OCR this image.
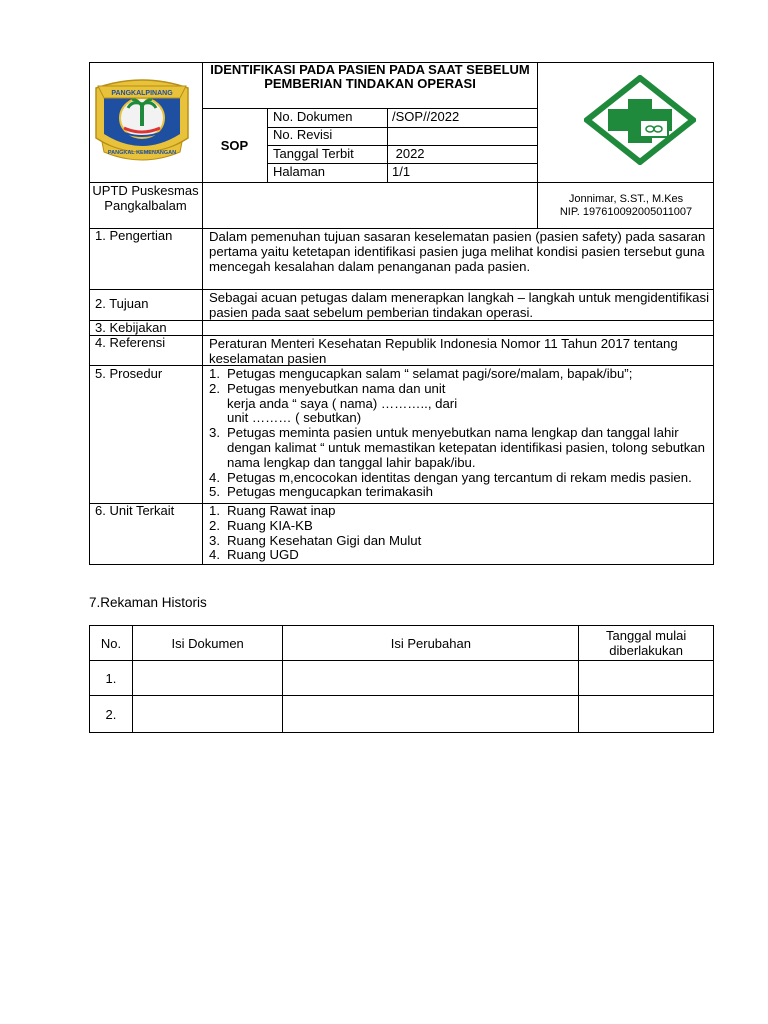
PANGKALPINANG
PANGKAL KEMENANGAN
IDENTIFIKASI PADA PASIEN PADA SAAT SEBELUM PEMBERIAN TINDAKAN OPERASI
SOP
No. Dokumen	/SOP//2022
No. Revisi
Tanggal Terbit	2022
Halaman	1/1
UPTD Puskesmas Pangkalbalam	Jonnimar, S.ST., M.Kes
NIP. 197610092005011007
1. Pengertian	Dalam pemenuhan tujuan sasaran keselematan pasien (pasien safety) pada sasaran pertama yaitu ketetapan identifikasi pasien juga melihat kondisi pasien tersebut guna mencegah kesalahan dalam penanganan pada pasien.
2. Tujuan	Sebagai acuan petugas dalam menerapkan langkah – langkah untuk mengidentifikasi pasien pada saat sebelum pemberian tindakan operasi.
3. Kebijakan
4. Referensi	Peraturan Menteri Kesehatan Republik Indonesia Nomor 11 Tahun 2017 tentang keselamatan pasien
5. Prosedur	1. Petugas mengucapkan salam “ selamat pagi/sore/malam, bapak/ibu”;
2. Petugas menyebutkan nama dan unit kerja anda “ saya ( nama) ……….., dari unit ……… ( sebutkan)
3. Petugas meminta pasien untuk menyebutkan nama lengkap dan tanggal lahir dengan kalimat “ untuk memastikan ketepatan identifikasi pasien, tolong sebutkan nama lengkap dan tanggal lahir bapak/ibu.
4. Petugas m,encocokan identitas dengan yang tercantum di rekam medis pasien.
5. Petugas mengucapkan terimakasih
6. Unit Terkait	1. Ruang Rawat inap
2. Ruang KIA-KB
3. Ruang Kesehatan Gigi dan Mulut
4. Ruang UGD
7.Rekaman Historis
No.	Isi Dokumen	Isi Perubahan	Tanggal mulai diberlakukan
1.			
2.			
